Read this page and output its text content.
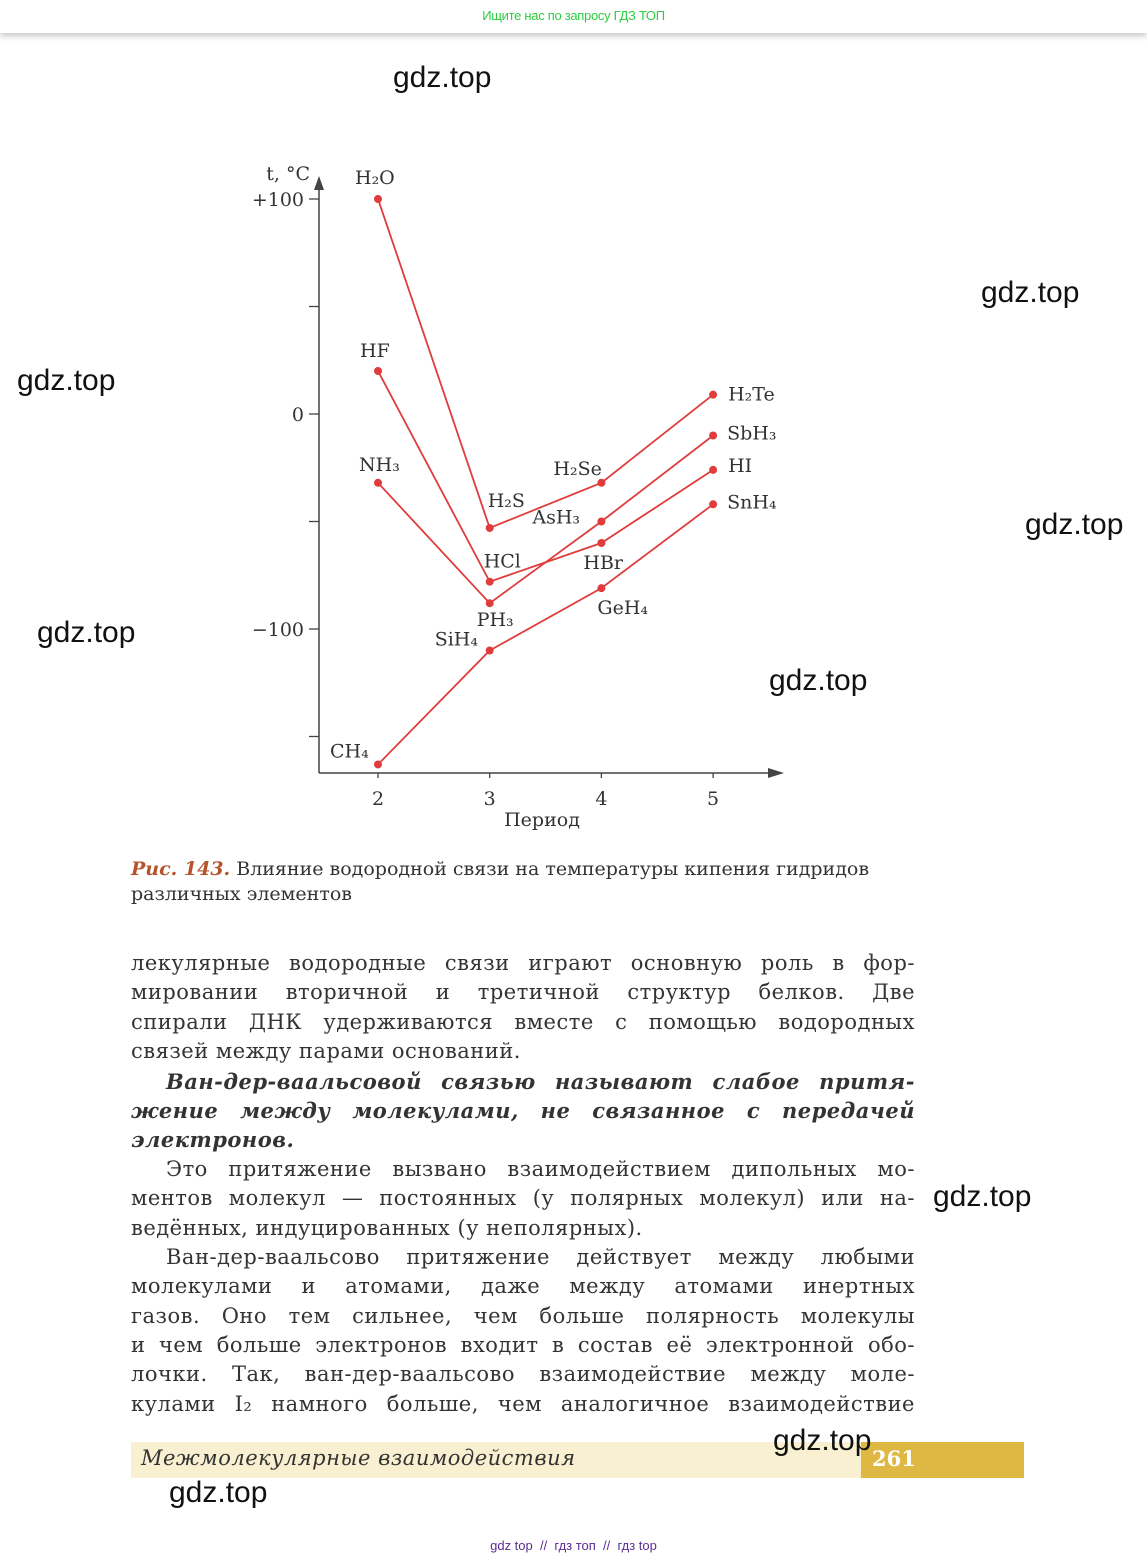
Ищите нас по запросу ГДЗ ТОП
+100
0
−100
t, °C
2	3	4	5
Период
H₂O
H₂S
H₂Se
H₂Te
HF
HCl	HBr
HI
NH₃
PH₃
AsH₃
SbH₃
CH₄
SiH₄
GeH₄
SnH₄
Рис. 143. Влияние водородной связи на температуры кипения гидридов различных элементов
лекулярные водородные связи играют основную роль в фор-
мировании вторичной и третичной структур белков. Две
спирали ДНК удерживаются вместе с помощью водородных
связей между парами оснований.
Ван-дер-ваальсовой связью называют слабое притя-
жение между молекулами, не связанное с передачей
электронов.
Это притяжение вызвано взаимодействием дипольных мо-
ментов молекул — постоянных (у полярных молекул) или на-
ведённых, индуцированных (у неполярных).
Ван-дер-ваальсово притяжение действует между любыми
молекулами и атомами, даже между атомами инертных
газов. Оно тем сильнее, чем больше полярность молекулы
и чем больше электронов входит в состав её электронной обо-
лочки. Так, ван-дер-ваальсово взаимодействие между моле-
кулами I₂ намного больше, чем аналогичное взаимодействие
Межмолекулярные взаимодействия	261
gdz.top
gdz.top
gdz.top
gdz.top
gdz.top
gdz.top
gdz.top
gdz.top
gdz.top
gdz top  //  гдз топ  //  гдз top
